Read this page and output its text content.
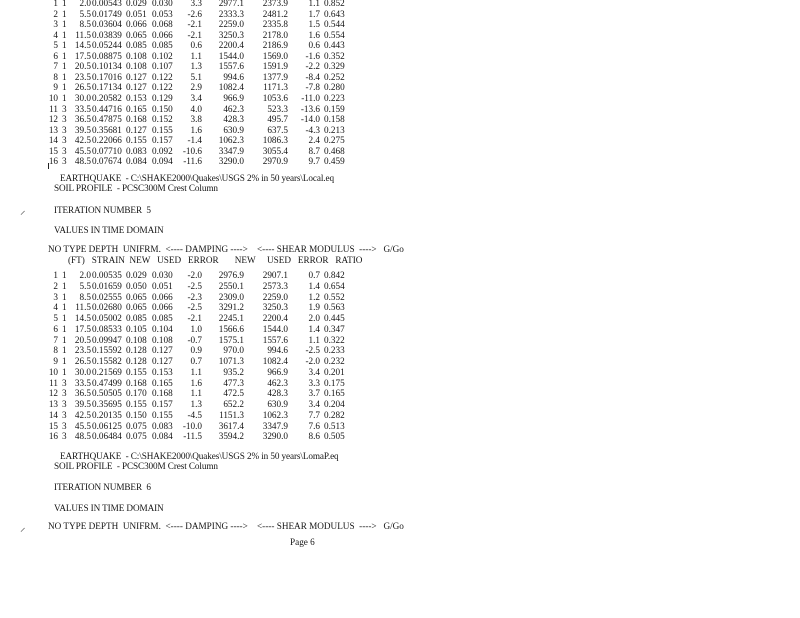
1 1	2.0 0.00543 0.029 0.030	3.3	2977.1	2373.9	1.1 0.852
2 1	5.5 0.01749 0.051 0.053	-2.6	2333.3	2481.2	1.7 0.643
3 1	8.5 0.03604 0.066 0.068	-2.1	2259.0	2335.8	1.5 0.544
4 1 11.5 0.03839 0.065 0.066	-2.1	3250.3	2178.0	1.6 0.554
5 1 14.5 0.05244 0.085 0.085	0.6	2200.4	2186.9	0.6 0.443
6 1 17.5 0.08875 0.108 0.102	1.1	1544.0	1569.0	-1.6 0.352
7 1 20.5 0.10134 0.108 0.107	1.3	1557.6	1591.9	-2.2 0.329
8 1 23.5 0.17016 0.127 0.122	5.1	994.6	1377.9	-8.4 0.252
9 1 26.5 0.17134 0.127 0.122	2.9	1082.4	1171.3	-7.8 0.280
10 1 30.0 0.20582 0.153 0.129	3.4	966.9	1053.6	-11.0 0.223
11 3 33.5 0.44716 0.165 0.150	4.0	462.3	523.3	-13.6 0.159
12 3 36.5 0.47875 0.168 0.152	3.8	428.3	495.7	-14.0 0.158
13 3 39.5 0.35681 0.127 0.155	1.6	630.9	637.5	-4.3 0.213
14 3 42.5 0.22066 0.155 0.157	-1.4	1062.3	1086.3	2.4 0.275
15 3 45.5 0.07710 0.083 0.092	-10.6	3347.9	3055.4	8.7 0.468
16 3 48.5 0.07674 0.084 0.094	-11.6	3290.0	2970.9	9.7 0.459
EARTHQUAKE  - C:\SHAKE2000\Quakes\USGS 2% in 50 years\Local.eq
SOIL PROFILE  - PCSC300M Crest Column
⸝	ITERATION NUMBER  5
VALUES IN TIME DOMAIN
NO TYPE DEPTH  UNIFRM.  <---- DAMPING ---->    <---- SHEAR MODULUS  ---->   G/Go
(FT)   STRAIN  NEW   USED   ERROR       NEW     USED   ERROR   RATIO
1 1	2.0 0.00535 0.029 0.030	-2.0	2976.9	2907.1	0.7 0.842
2 1	5.5 0.01659 0.050 0.051	-2.5	2550.1	2573.3	1.4 0.654
3 1	8.5 0.02555 0.065 0.066	-2.3	2309.0	2259.0	1.2 0.552
4 1 11.5 0.02680 0.065 0.066	-2.5	3291.2	3250.3	1.9 0.563
5 1 14.5 0.05002 0.085 0.085	-2.1	2245.1	2200.4	2.0 0.445
6 1 17.5 0.08533 0.105 0.104	1.0	1566.6	1544.0	1.4 0.347
7 1 20.5 0.09947 0.108 0.108	-0.7	1575.1	1557.6	1.1 0.322
8 1 23.5 0.15592 0.128 0.127	0.9	970.0	994.6	-2.5 0.233
9 1 26.5 0.15582 0.128 0.127	0.7	1071.3	1082.4	-2.0 0.232
10 1 30.0 0.21569 0.155 0.153	1.1	935.2	966.9	3.4 0.201
11 3 33.5 0.47499 0.168 0.165	1.6	477.3	462.3	3.3 0.175
12 3 36.5 0.50505 0.170 0.168	1.1	472.5	428.3	3.7 0.165
13 3 39.5 0.35695 0.155 0.157	1.3	652.2	630.9	3.4 0.204
14 3 42.5 0.20135 0.150 0.155	-4.5	1151.3	1062.3	7.7 0.282
15 3 45.5 0.06125 0.075 0.083	-10.0	3617.4	3347.9	7.6 0.513
16 3 48.5 0.06484 0.075 0.084	-11.5	3594.2	3290.0	8.6 0.505
EARTHQUAKE  - C:\SHAKE2000\Quakes\USGS 2% in 50 years\LomaP.eq
SOIL PROFILE  - PCSC300M Crest Column
ITERATION NUMBER  6
VALUES IN TIME DOMAIN
⸝ NO TYPE DEPTH  UNIFRM.  <---- DAMPING ---->    <---- SHEAR MODULUS  ---->   G/Go
Page 6
